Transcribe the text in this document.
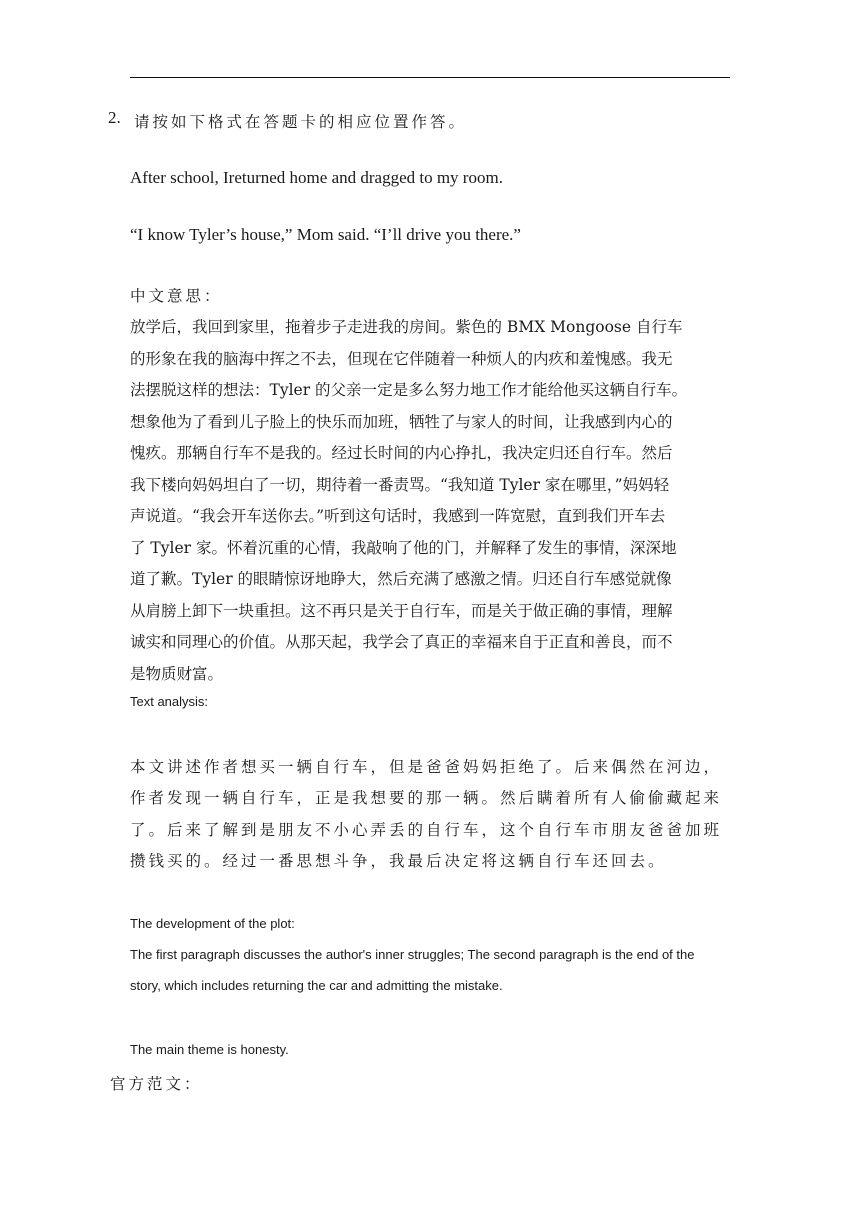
2. 请按如下格式在答题卡的相应位置作答。
After school, Ireturned home and dragged to my room.
“I know Tyler’s house,” Mom said. “I’ll drive you there.”
中文意思：
放学后，我回到家里，拖着步子走进我的房间。紫色的 BMX Mongoose 自行车
的形象在我的脑海中挥之不去，但现在它伴随着一种烦人的内疚和羞愧感。我无
法摆脱这样的想法：Tyler 的父亲一定是多么努力地工作才能给他买这辆自行车。
想象他为了看到儿子脸上的快乐而加班，牺牲了与家人的时间，让我感到内心的
愧疚。那辆自行车不是我的。经过长时间的内心挣扎，我决定归还自行车。然后
我下楼向妈妈坦白了一切，期待着一番责骂。“我知道 Tyler 家在哪里，”妈妈轻
声说道。“我会开车送你去。”听到这句话时，我感到一阵宽慰，直到我们开车去
了 Tyler 家。怀着沉重的心情，我敲响了他的门，并解释了发生的事情，深深地
道了歉。Tyler 的眼睛惊讶地睁大，然后充满了感激之情。归还自行车感觉就像
从肩膀上卸下一块重担。这不再只是关于自行车，而是关于做正确的事情，理解
诚实和同理心的价值。从那天起，我学会了真正的幸福来自于正直和善良，而不
是物质财富。
Text analysis:
本文讲述作者想买一辆自行车，但是爸爸妈妈拒绝了。后来偶然在河边，
作者发现一辆自行车，正是我想要的那一辆。然后瞒着所有人偷偷藏起来
了。后来了解到是朋友不小心弄丢的自行车，这个自行车市朋友爸爸加班
攒钱买的。经过一番思想斗争，我最后决定将这辆自行车还回去。
The development of the plot:
The first paragraph discusses the author's inner struggles; The second paragraph is the end of the
story, which includes returning the car and admitting the mistake.
The main theme is honesty.
官方范文：
